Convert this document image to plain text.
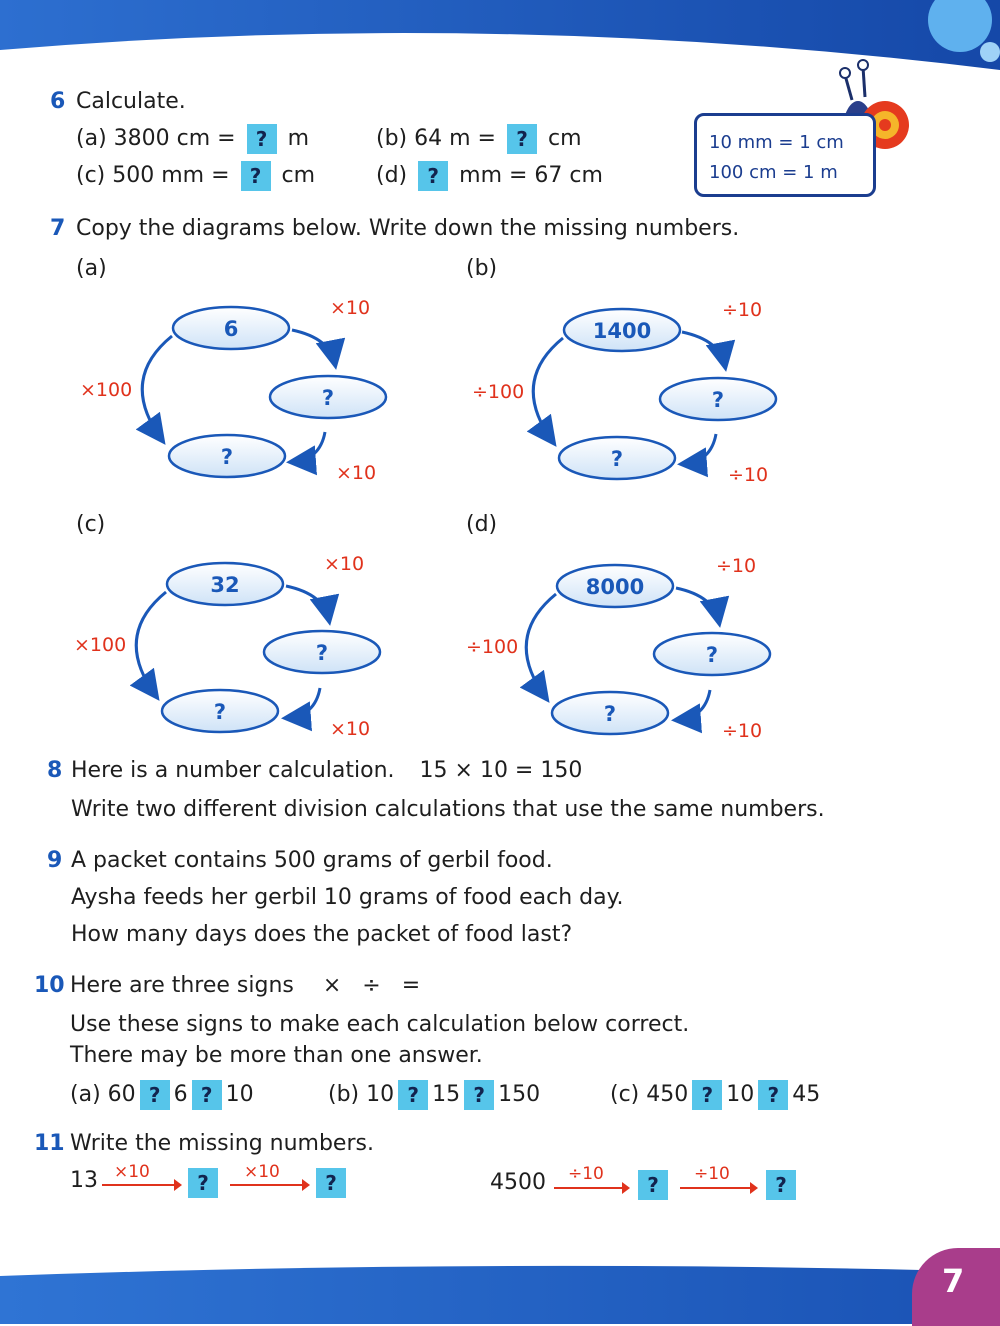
10 mm = 1 cm
100 cm = 1 m
6 Calculate.
(a) 3800 cm = ? m	(b) 64 m = ? cm
(c) 500 mm = ? cm	(d) ? mm = 67 cm
7 Copy the diagrams below. Write down the missing numbers.
(a)	(b)
(c)	(d)
6
?
?
×10
×100
×10
1400
?
?
÷10
÷100
÷10
32
?
?
×10
×100
×10
8000
?
?
÷10
÷100
÷10
8 Here is a number calculation. 15 × 10 = 150
Write two different division calculations that use the same numbers.
9 A packet contains 500 grams of gerbil food.
Aysha feeds her gerbil 10 grams of food each day.
How many days does the packet of food last?
10 Here are three signs ×   ÷   =
Use these signs to make each calculation below correct.
There may be more than one answer.
(a) 60 ? 6 ? 10	(b) 10 ? 15 ? 150	(c) 450 ? 10 ? 45
11 Write the missing numbers.
13 ×10	?	×10	?	4500 ÷10	?	÷10	?
7
